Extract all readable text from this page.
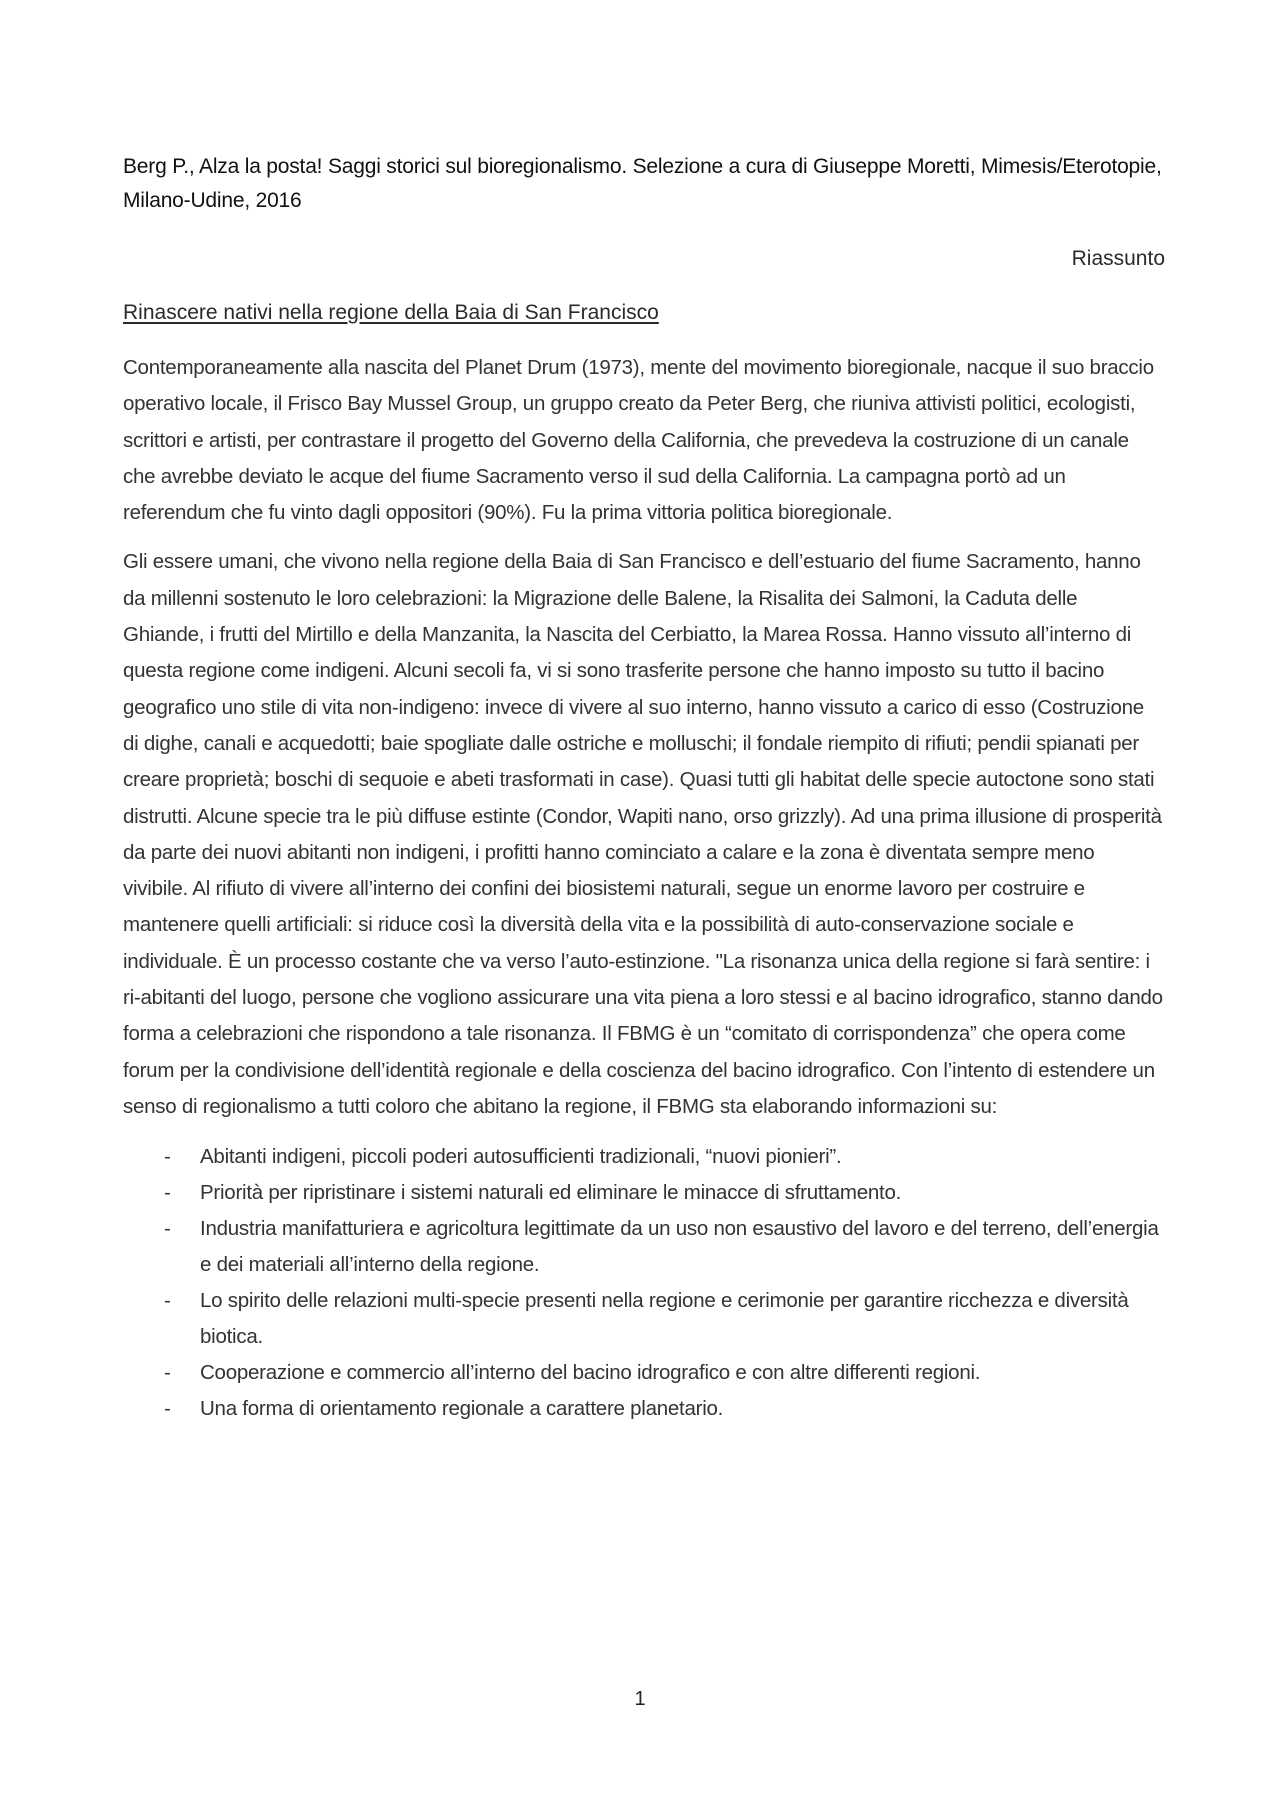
Berg P., Alza la posta! Saggi storici sul bioregionalismo. Selezione a cura di Giuseppe Moretti, Mimesis/Eterotopie, Milano-Udine, 2016
Riassunto
Rinascere nativi nella regione della Baia di San Francisco

Contemporaneamente alla nascita del Planet Drum (1973), mente del movimento bioregionale, nacque il suo braccio operativo locale, il Frisco Bay Mussel Group, un gruppo creato da Peter Berg, che riuniva attivisti politici, ecologisti, scrittori e artisti, per contrastare il progetto del Governo della California, che prevedeva la costruzione di un canale che avrebbe deviato le acque del fiume Sacramento verso il sud della California. La campagna portò ad un referendum che fu vinto dagli oppositori (90%). Fu la prima vittoria politica bioregionale.

Gli essere umani, che vivono nella regione della Baia di San Francisco e dell’estuario del fiume Sacramento, hanno da millenni sostenuto le loro celebrazioni: la Migrazione delle Balene, la Risalita dei Salmoni, la Caduta delle Ghiande, i frutti del Mirtillo e della Manzanita, la Nascita del Cerbiatto, la Marea Rossa. Hanno vissuto all’interno di questa regione come indigeni. Alcuni secoli fa, vi si sono trasferite persone che hanno imposto su tutto il bacino geografico uno stile di vita non-indigeno: invece di vivere al suo interno, hanno vissuto a carico di esso (Costruzione di dighe, canali e acquedotti; baie spogliate dalle ostriche e molluschi; il fondale riempito di rifiuti; pendii spianati per creare proprietà; boschi di sequoie e abeti trasformati in case). Quasi tutti gli habitat delle specie autoctone sono stati distrutti. Alcune specie tra le più diffuse estinte (Condor, Wapiti nano, orso grizzly). Ad una prima illusione di prosperità da parte dei nuovi abitanti non indigeni, i profitti hanno cominciato a calare e la zona è diventata sempre meno vivibile. Al rifiuto di vivere all’interno dei confini dei biosistemi naturali, segue un enorme lavoro per costruire e mantenere quelli artificiali: si riduce così la diversità della vita e la possibilità di auto-conservazione sociale e individuale. È un processo costante che va verso l’auto-estinzione. "La risonanza unica della regione si farà sentire: i ri-abitanti del luogo, persone che vogliono assicurare una vita piena a loro stessi e al bacino idrografico, stanno dando forma a celebrazioni che rispondono a tale risonanza. Il FBMG è un “comitato di corrispondenza” che opera come forum per la condivisione dell’identità regionale e della coscienza del bacino idrografico. Con l’intento di estendere un senso di regionalismo a tutti coloro che abitano la regione, il FBMG sta elaborando informazioni su:

- Abitanti indigeni, piccoli poderi autosufficienti tradizionali, “nuovi pionieri”.
- Priorità per ripristinare i sistemi naturali ed eliminare le minacce di sfruttamento.
- Industria manifatturiera e agricoltura legittimate da un uso non esaustivo del lavoro e del terreno, dell’energia e dei materiali all’interno della regione.
- Lo spirito delle relazioni multi-specie presenti nella regione e cerimonie per garantire ricchezza e diversità biotica.
- Cooperazione e commercio all’interno del bacino idrografico e con altre differenti regioni.
- Una forma di orientamento regionale a carattere planetario.
1
